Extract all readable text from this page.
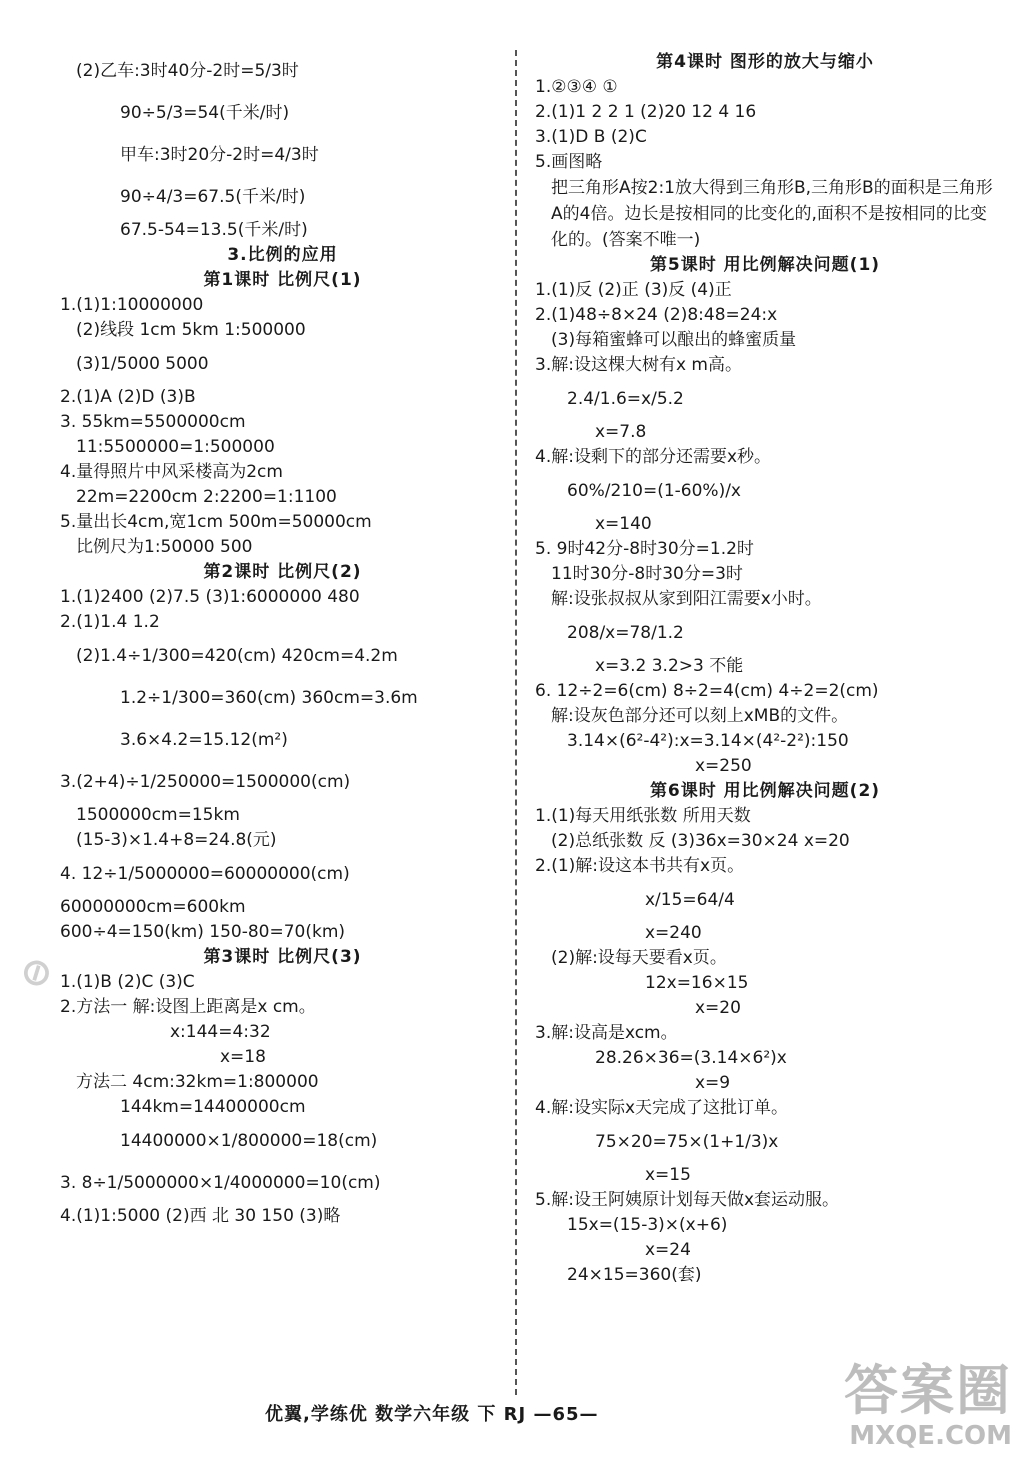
(2)乙车:3时40分-2时=5/3时
90÷5/3=54(千米/时)
甲车:3时20分-2时=4/3时
90÷4/3=67.5(千米/时)
67.5-54=13.5(千米/时)
3.比例的应用
第1课时 比例尺(1)
1.(1)1:10000000
(2)线段 1cm 5km 1:500000
(3)1/5000 5000
2.(1)A (2)D (3)B
3. 55km=5500000cm
11:5500000=1:500000
4.量得照片中风采楼高为2cm
22m=2200cm 2:2200=1:1100
5.量出长4cm,宽1cm 500m=50000cm
比例尺为1:50000 500
第2课时 比例尺(2)
1.(1)2400 (2)7.5 (3)1:6000000 480
2.(1)1.4 1.2
(2)1.4÷1/300=420(cm) 420cm=4.2m
1.2÷1/300=360(cm) 360cm=3.6m
3.6×4.2=15.12(m²)
3.(2+4)÷1/250000=1500000(cm)
1500000cm=15km
(15-3)×1.4+8=24.8(元)
4. 12÷1/5000000=60000000(cm)
60000000cm=600km
600÷4=150(km) 150-80=70(km)
第3课时 比例尺(3)
1.(1)B (2)C (3)C
2.方法一 解:设图上距离是x cm。
x:144=4:32
x=18
方法二 4cm:32km=1:800000
144km=14400000cm
14400000×1/800000=18(cm)
3. 8÷1/5000000×1/4000000=10(cm)
4.(1)1:5000 (2)西 北 30 150 (3)略
第4课时 图形的放大与缩小
1.②③④ ①
2.(1)1 2 2 1 (2)20 12 4 16
3.(1)D B (2)C
5.画图略
把三角形A按2:1放大得到三角形B,三角形B的面积是三角形A的4倍。边长是按相同的比变化的,面积不是按相同的比变化的。(答案不唯一)
第5课时 用比例解决问题(1)
1.(1)反 (2)正 (3)反 (4)正
2.(1)48÷8×24 (2)8:48=24:x
(3)每箱蜜蜂可以酿出的蜂蜜质量
3.解:设这棵大树有x m高。
2.4/1.6=x/5.2
x=7.8
4.解:设剩下的部分还需要x秒。
60%/210=(1-60%)/x
x=140
5. 9时42分-8时30分=1.2时
11时30分-8时30分=3时
解:设张叔叔从家到阳江需要x小时。
208/x=78/1.2
x=3.2 3.2>3 不能
6. 12÷2=6(cm) 8÷2=4(cm) 4÷2=2(cm)
解:设灰色部分还可以刻上xMB的文件。
3.14×(6²-4²):x=3.14×(4²-2²):150
x=250
第6课时 用比例解决问题(2)
1.(1)每天用纸张数 所用天数
(2)总纸张数 反 (3)36x=30×24 x=20
2.(1)解:设这本书共有x页。
x/15=64/4
x=240
(2)解:设每天要看x页。
12x=16×15
x=20
3.解:设高是xcm。
28.26×36=(3.14×6²)x
x=9
4.解:设实际x天完成了这批订单。
75×20=75×(1+1/3)x
x=15
5.解:设王阿姨原计划每天做x套运动服。
15x=(15-3)×(x+6)
x=24
24×15=360(套)
⊘
优翼,学练优 数学六年级 下 RJ —65—	答案圈
MXQE.COM
